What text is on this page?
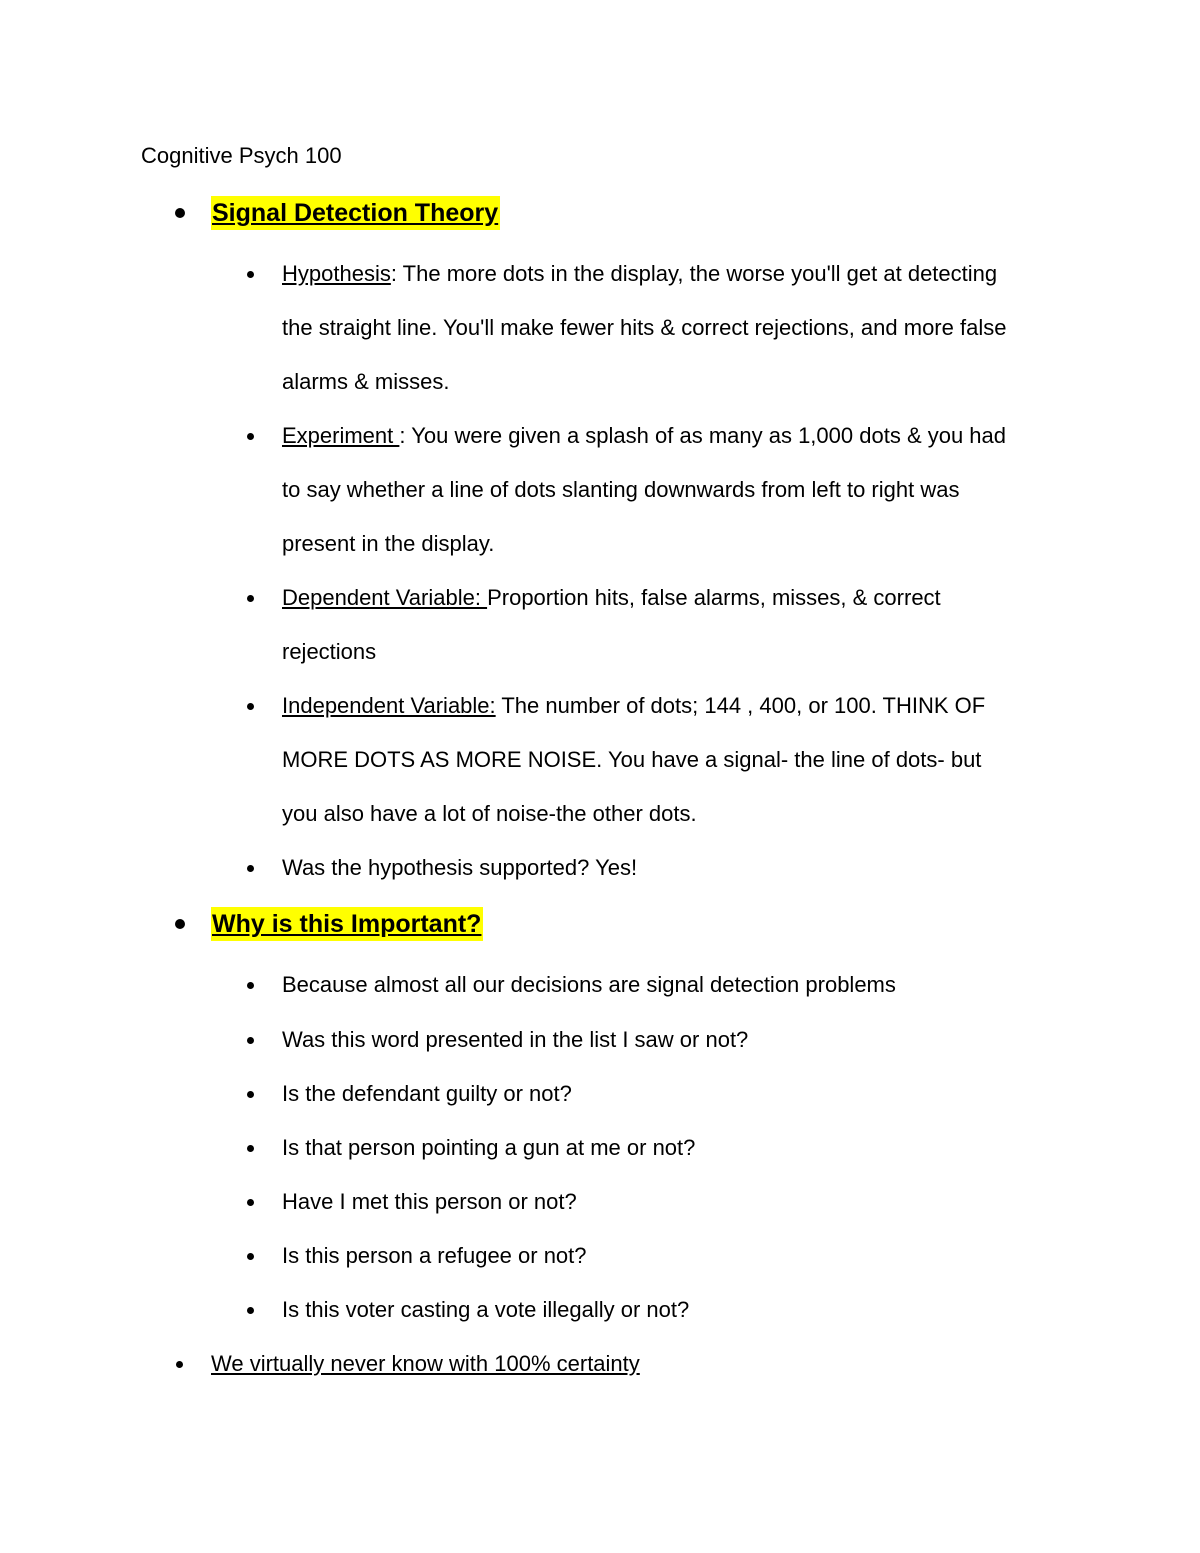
Cognitive Psych 100
Signal Detection Theory
Hypothesis: The more dots in the display, the worse you'll get at detecting
the straight line. You'll make fewer hits & correct rejections, and more false
alarms & misses.
Experiment : You were given a splash of as many as 1,000 dots & you had
to say whether a line of dots slanting downwards from left to right was
present in the display.
Dependent Variable: Proportion hits, false alarms, misses, & correct
rejections
Independent Variable: The number of dots; 144 , 400, or 100. THINK OF
MORE DOTS AS MORE NOISE. You have a signal- the line of dots- but
you also have a lot of noise-the other dots.
Was the hypothesis supported? Yes!
Why is this Important?
Because almost all our decisions are signal detection problems
Was this word presented in the list I saw or not?
Is the defendant guilty or not?
Is that person pointing a gun at me or not?
Have I met this person or not?
Is this person a refugee or not?
Is this voter casting a vote illegally or not?
We virtually never know with 100% certainty
